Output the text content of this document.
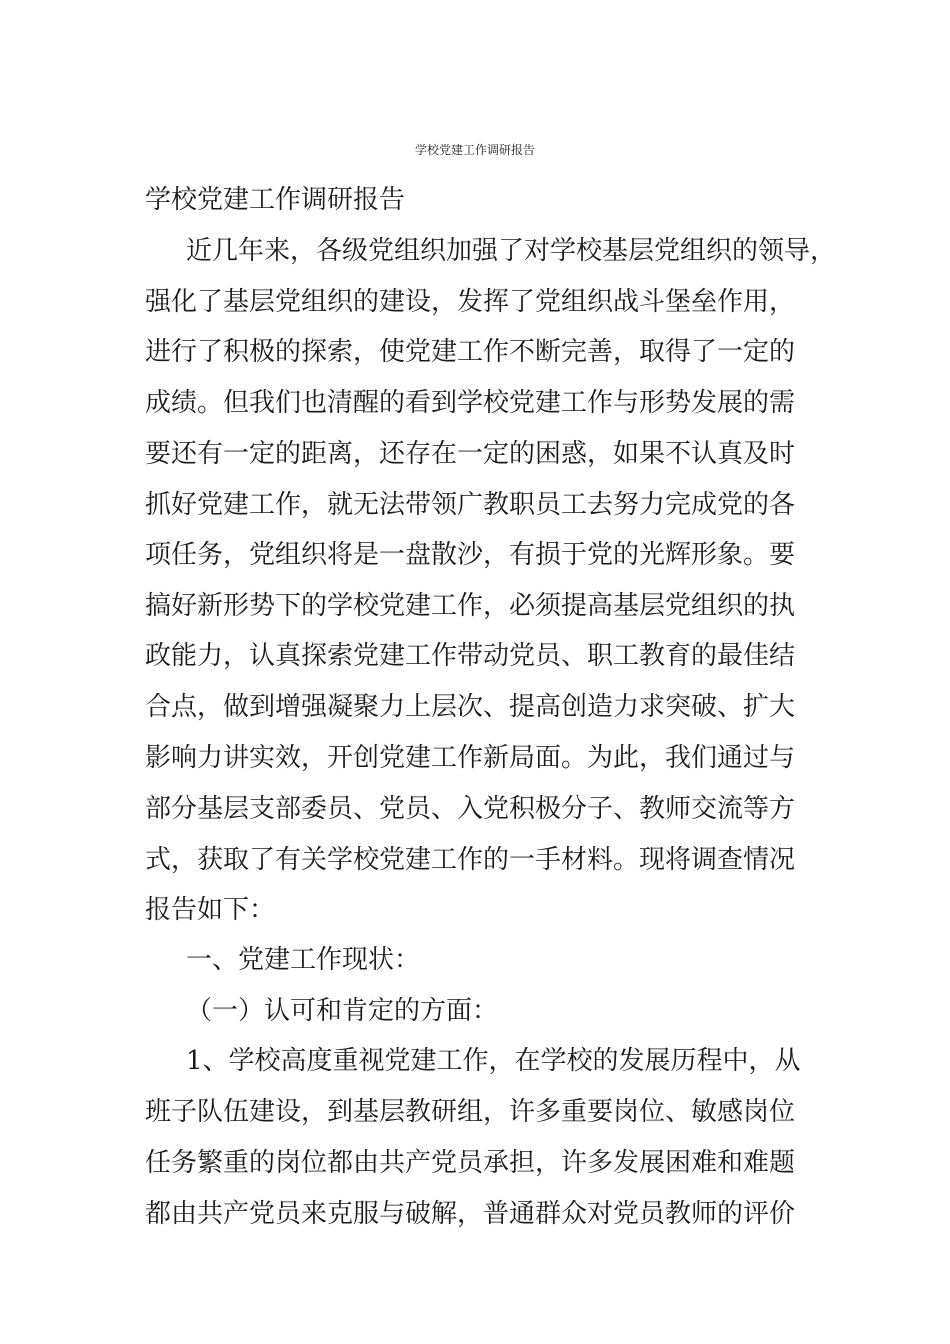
学校党建工作调研报告
学校党建工作调研报告
近几年来，各级党组织加强了对学校基层党组织的领导，
强化了基层党组织的建设，发挥了党组织战斗堡垒作用，
进行了积极的探索，使党建工作不断完善，取得了一定的
成绩。但我们也清醒的看到学校党建工作与形势发展的需
要还有一定的距离，还存在一定的困惑，如果不认真及时
抓好党建工作，就无法带领广教职员工去努力完成党的各
项任务，党组织将是一盘散沙，有损于党的光辉形象。要
搞好新形势下的学校党建工作，必须提高基层党组织的执
政能力，认真探索党建工作带动党员、职工教育的最佳结
合点，做到增强凝聚力上层次、提高创造力求突破、扩大
影响力讲实效，开创党建工作新局面。为此，我们通过与
部分基层支部委员、党员、入党积极分子、教师交流等方
式，获取了有关学校党建工作的一手材料。现将调查情况
报告如下：
一、党建工作现状：
（一）认可和肯定的方面：
1、学校高度重视党建工作，在学校的发展历程中，从
班子队伍建设，到基层教研组，许多重要岗位、敏感岗位
任务繁重的岗位都由共产党员承担，许多发展困难和难题
都由共产党员来克服与破解，普通群众对党员教师的评价
